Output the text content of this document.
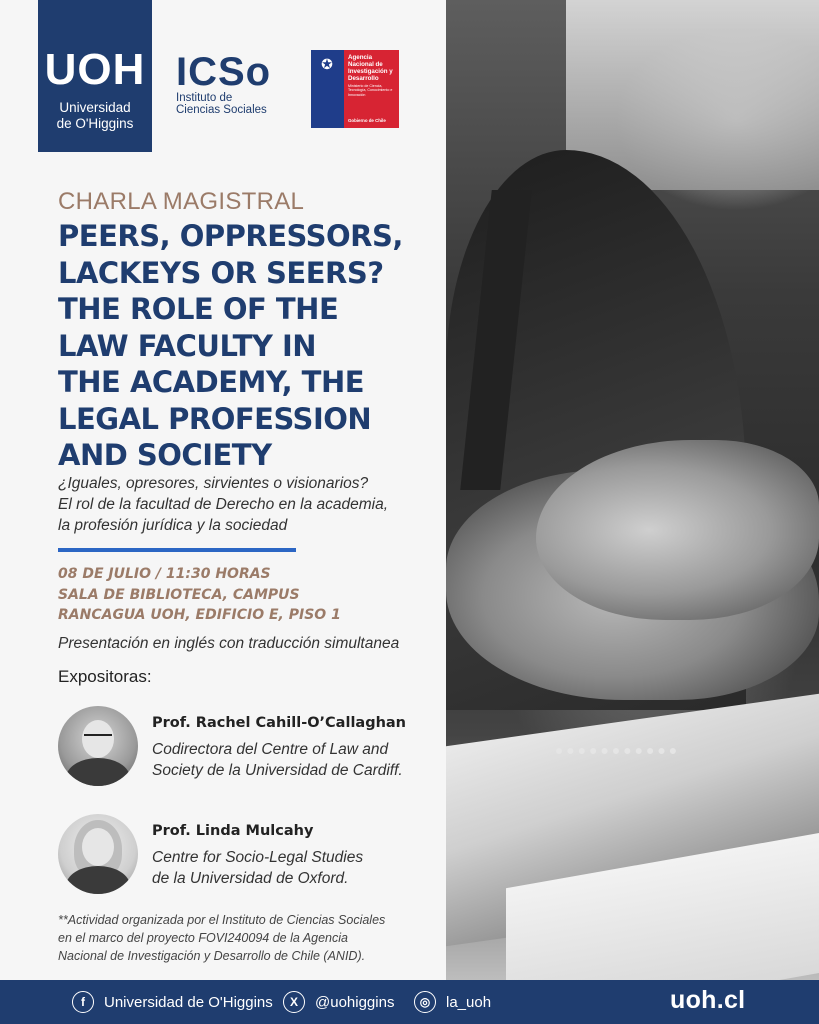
UOH
Universidad
de O'Higgins
ICSo
Instituto de
Ciencias Sociales
✪	Agencia Nacional de Investigación y Desarrollo
Ministerio de Ciencia, Tecnología, Conocimiento e Innovación
Gobierno de Chile
CHARLA MAGISTRAL
PEERS, OPPRESSORS,
LACKEYS OR SEERS?
THE ROLE OF THE
LAW FACULTY IN
THE ACADEMY, THE
LEGAL PROFESSION
AND SOCIETY
¿Iguales, opresores, sirvientes o visionarios?
El rol de la facultad de Derecho en la academia,
la profesión jurídica y la sociedad
08 DE JULIO / 11:30 HORAS
SALA DE BIBLIOTECA, CAMPUS
RANCAGUA UOH, EDIFICIO E, PISO 1
Presentación en inglés con traducción simultanea
Expositoras:
Prof. Rachel Cahill-O’Callaghan
Codirectora del Centre of Law and
Society de la Universidad de Cardiff.
Prof. Linda Mulcahy
Centre for Socio-Legal Studies
de la Universidad de Oxford.
**Actividad organizada por el Instituto de Ciencias Sociales
en el marco del proyecto FOVI240094 de la Agencia
Nacional de Investigación y Desarrollo de Chile (ANID).
f	Universidad de O'Higgins	X	@uohiggins	◎	la_uoh	uoh.cl
